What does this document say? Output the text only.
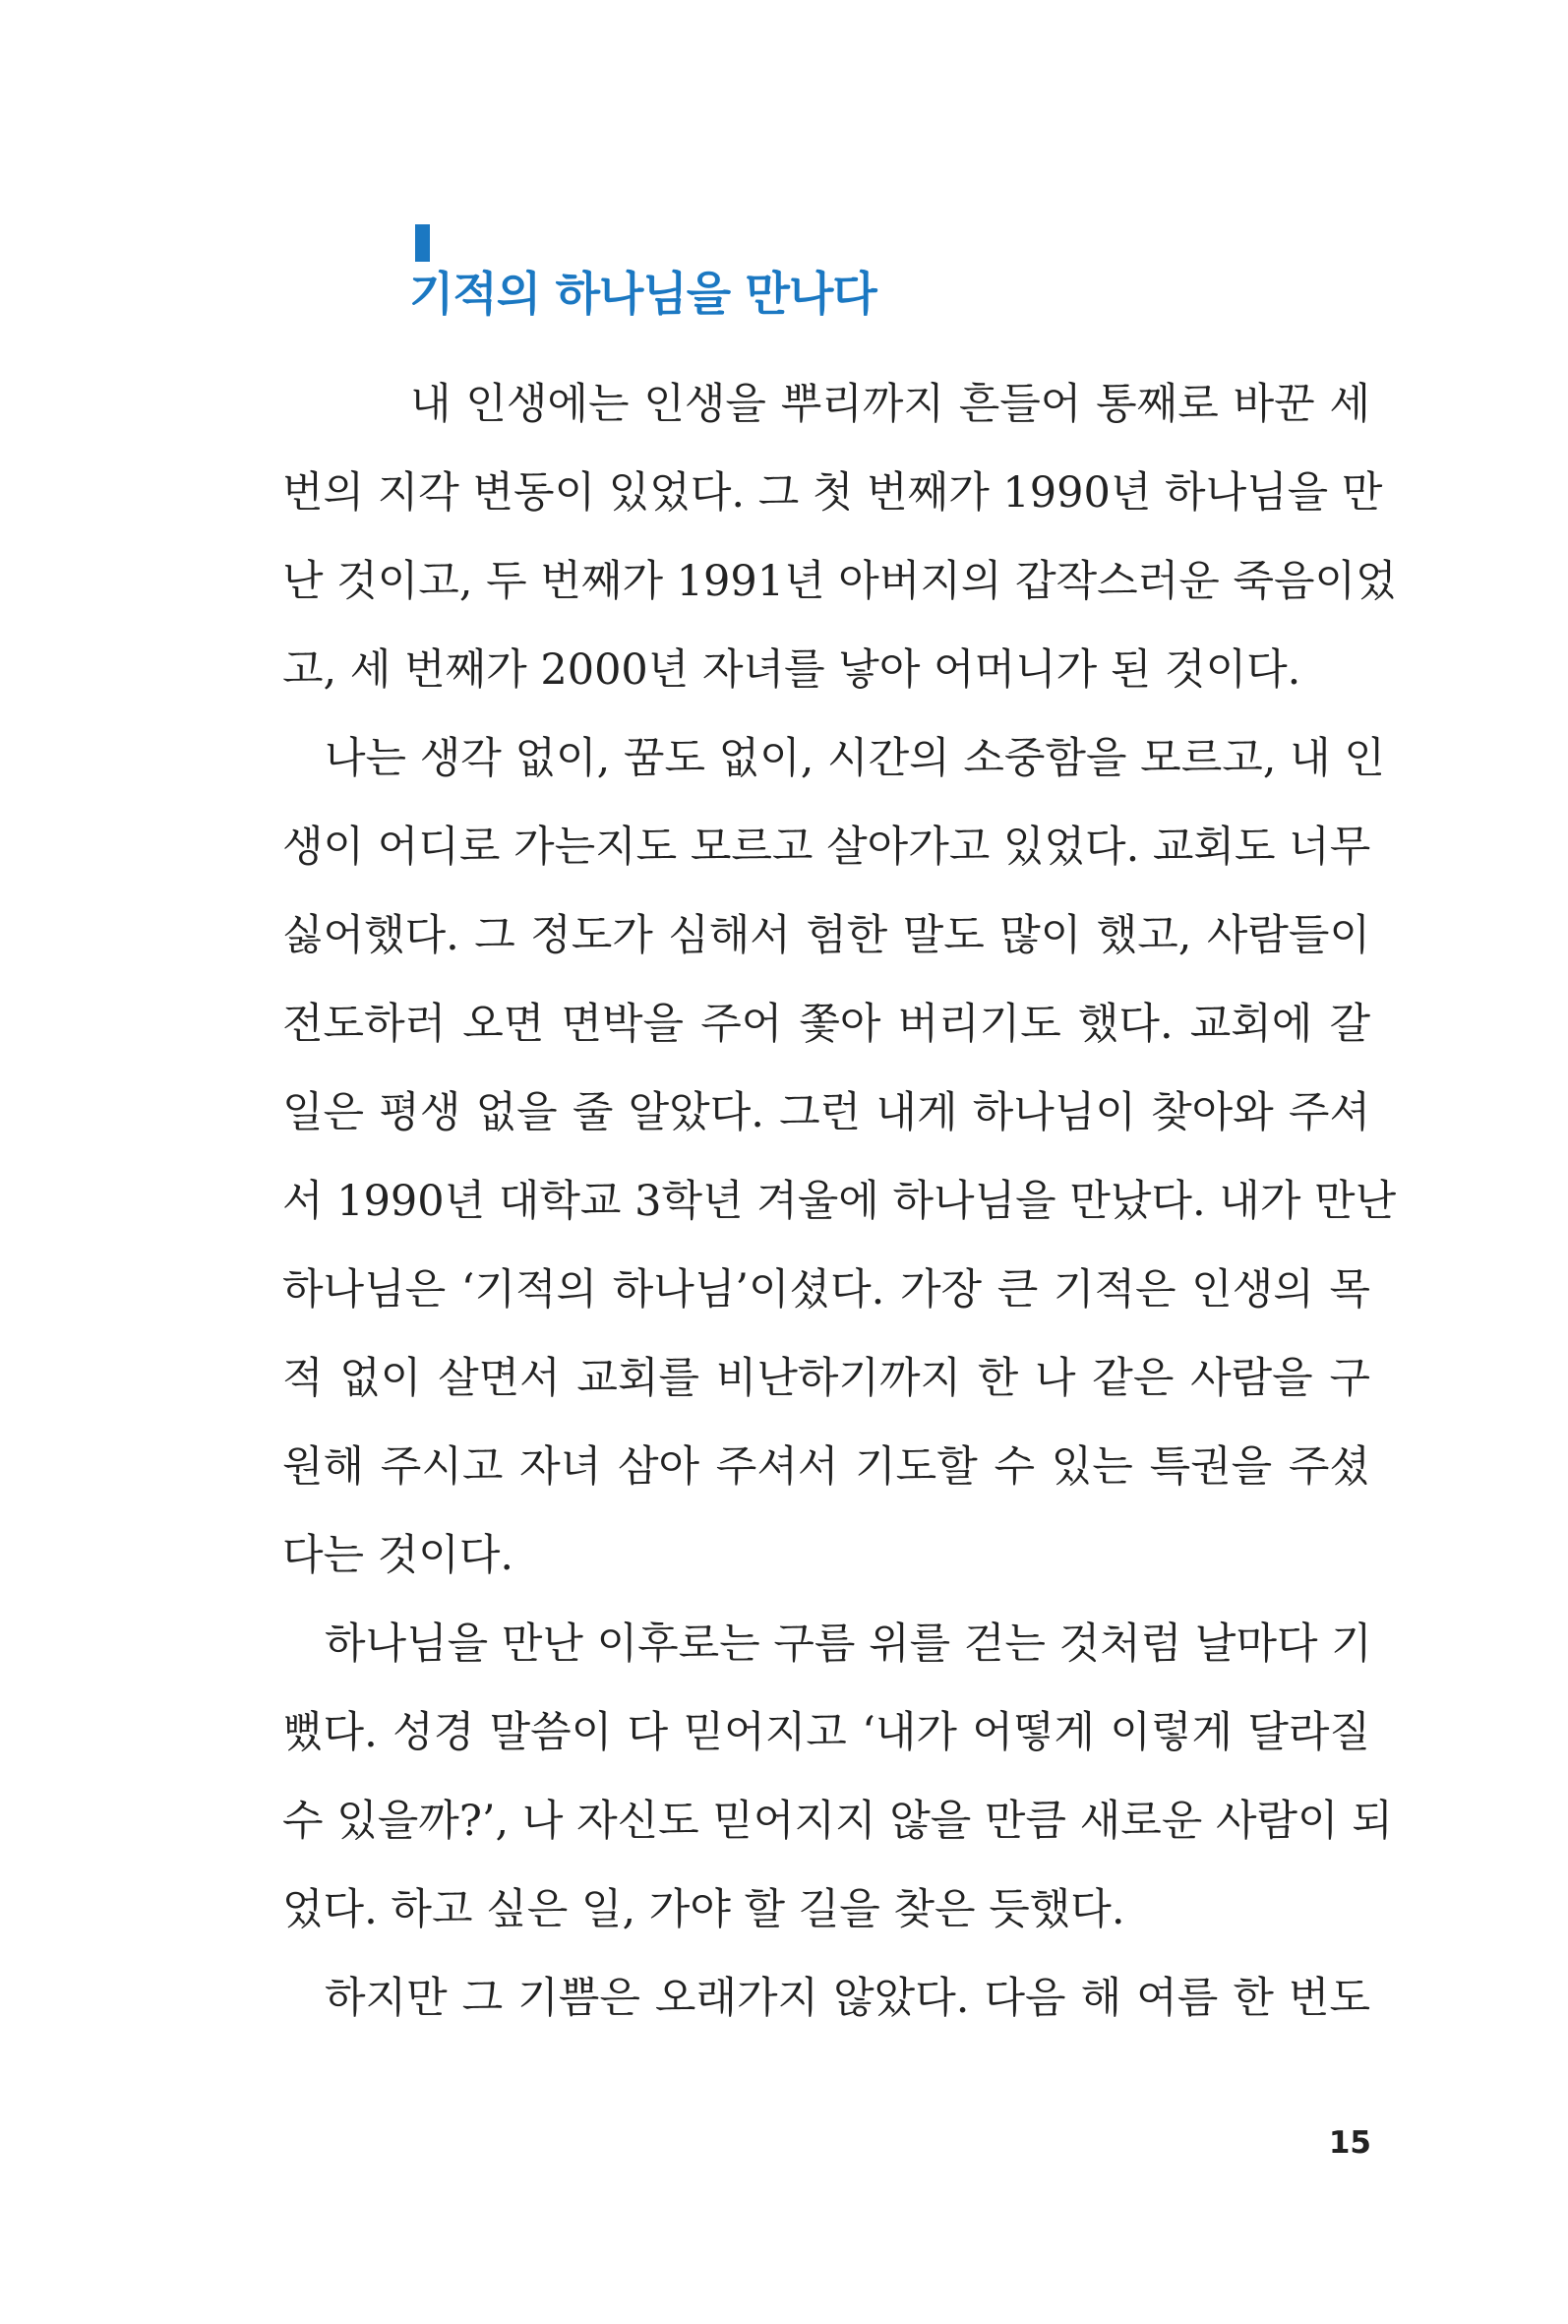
기적의 하나님을 만나다
내 인생에는 인생을 뿌리까지 흔들어 통째로 바꾼 세
번의 지각 변동이 있었다. 그 첫 번째가 1990년 하나님을 만
난 것이고, 두 번째가 1991년 아버지의 갑작스러운 죽음이었
고, 세 번째가 2000년 자녀를 낳아 어머니가 된 것이다.
나는 생각 없이, 꿈도 없이, 시간의 소중함을 모르고, 내 인
생이 어디로 가는지도 모르고 살아가고 있었다. 교회도 너무
싫어했다. 그 정도가 심해서 험한 말도 많이 했고, 사람들이
전도하러 오면 면박을 주어 쫓아 버리기도 했다. 교회에 갈
일은 평생 없을 줄 알았다. 그런 내게 하나님이 찾아와 주셔
서 1990년 대학교 3학년 겨울에 하나님을 만났다. 내가 만난
하나님은 ‘기적의 하나님’이셨다. 가장 큰 기적은 인생의 목
적 없이 살면서 교회를 비난하기까지 한 나 같은 사람을 구
원해 주시고 자녀 삼아 주셔서 기도할 수 있는 특권을 주셨
다는 것이다.
하나님을 만난 이후로는 구름 위를 걷는 것처럼 날마다 기
뻤다. 성경 말씀이 다 믿어지고 ‘내가 어떻게 이렇게 달라질
수 있을까?’, 나 자신도 믿어지지 않을 만큼 새로운 사람이 되
었다. 하고 싶은 일, 가야 할 길을 찾은 듯했다.
하지만 그 기쁨은 오래가지 않았다. 다음 해 여름 한 번도
15
